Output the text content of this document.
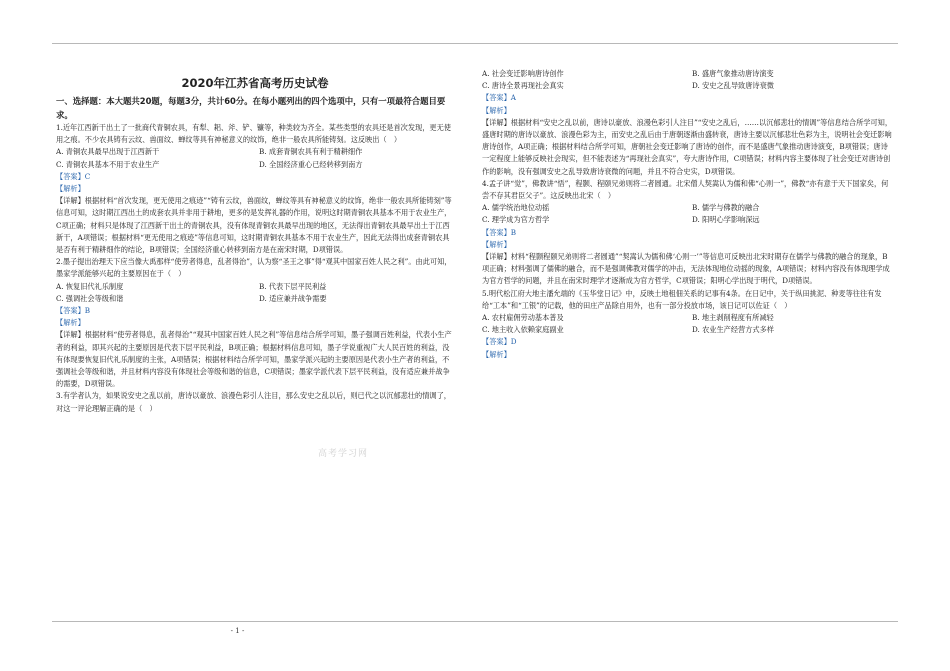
2020年江苏省高考历史试卷

一、选择题：本大题共20题，每题3分，共计60分。在每小题列出的四个选项中，只有一项最符合题目要求。

1.近年江西新干出土了一批商代青铜农具，有犁、耜、斧、铲、镰等，种类较为齐全。某些类型的农具还是首次发现，更无使用之痕。不少农具铸有云纹、兽面纹、蝉纹等具有神秘意义的纹饰，绝非一般农具所能铸刻。这反映出（　）

A. 青铜农具最早出现于江西新干	B. 成套青铜农具有利于精耕细作
C. 青铜农具基本不用于农业生产	D. 全国经济重心已经转移到南方

【答案】C

【解析】

【详解】根据材料“首次发现，更无使用之痕迹”“铸有云纹，兽面纹，蝉纹等具有神秘意义的纹饰，绝非一般农具所能铸刻”等信息可知，这时期江西出土的成套农具并非用于耕地，更多的是发挥礼器的作用，说明这时期青铜农具基本不用于农业生产，C项正确；材料只是体现了江西新干出土的青铜农具，没有体现青铜农具最早出现的地区，无法得出青铜农具最早出土于江西新干，A项错误；根据材料“更无使用之痕迹”等信息可知，这时期青铜农具基本不用于农业生产，因此无法得出成套青铜农具是否有利于精耕细作的结论，B项错误；全国经济重心转移到南方是在南宋时期，D项错误。

2.墨子提出治理天下应当像大禹那样“使劳者得息，乱者得治”，认为察“圣王之事”得“观其中国家百姓人民之利”。由此可知，墨家学派能够兴起的主要原因在于（　）

A. 恢复旧代礼乐制度	B. 代表下层平民利益
C. 强调社会等级和谐	D. 适应兼并战争需要

【答案】B

【解析】

【详解】根据材料“使劳者得息，乱者得治”“观其中国家百姓人民之利”等信息结合所学可知，墨子强调百姓利益，代表小生产者的利益，即其兴起的主要原因是代表下层平民利益，B项正确；根据材料信息可知，墨子学说重视广大人民百姓的利益，没有体现要恢复旧代礼乐制度的主张，A项错误；根据材料结合所学可知，墨家学派兴起的主要原因是代表小生产者的利益，不强调社会等级和谐，并且材料内容没有体现社会等级和谐的信息，C项错误；墨家学派代表下层平民利益，没有适应兼并战争的需要，D项错误。

3.有学者认为，如果说安史之乱以前，唐诗以豪放、浪漫色彩引人注目，那么安史之乱以后，则已代之以沉郁悲壮的情调了，对这一评论理解正确的是（　）

A. 社会变迁影响唐诗创作	B. 盛唐气象推动唐诗演变
C. 唐诗全景再现社会真实	D. 安史之乱导致唐诗衰微

【答案】A

【解析】

【详解】根据材料“安史之乱以前，唐诗以豪放、浪漫色彩引人注目”“安史之乱后，……以沉郁悲壮的情调”等信息结合所学可知，盛唐时期的唐诗以豪放、浪漫色彩为主，而安史之乱后由于唐朝逐渐由盛转衰，唐诗主要以沉郁悲壮色彩为主，说明社会变迁影响唐诗创作，A项正确；根据材料结合所学可知，唐朝社会变迁影响了唐诗的创作，而不是盛唐气象推动唐诗演变，B项错误；唐诗一定程度上能够反映社会现实，但不能表述为“再现社会真实”，夸大唐诗作用，C项错误；材料内容主要体现了社会变迁对唐诗创作的影响，没有强调安史之乱导致唐诗衰微的问题，并且不符合史实，D项错误。

4.孟子讲“觉”，佛教讲“悟”，程颢、程颐兄弟则将二者圆通。北宋僧人契嵩认为儒和佛“心则一”，佛教“亦有意于天下国家矣，何尝不存其君臣父子”。这反映出北宋（　）

A. 儒学统治地位动摇	B. 儒学与佛教的融合
C. 理学成为官方哲学	D. 阳明心学影响深远

【答案】B

【解析】

【详解】材料“程颢程颐兄弟则将二者圆通”“契嵩认为儒和佛‘心则一’”等信息可反映出北宋时期存在儒学与佛教的融合的现象，B项正确；材料强调了儒佛的融合，而不是强调佛教对儒学的冲击，无法体现地位动摇的现象，A项错误；材料内容没有体现理学成为官方哲学的问题，并且在南宋时理学才逐渐成为官方哲学，C项错误；阳明心学出现于明代，D项错误。

5.明代松江府大地主潘允端的《玉华堂日记》中，反映土地租佃关系的记事有4条。在日记中，关于纵田挑泥、种麦等往往有发给“工本”和“工银”的记载，他的田庄产品除自用外，也有一部分投放市场，该日记可以佐证（　）

A. 农村雇佣劳动基本普及	B. 地主剥削程度有所减轻
C. 地主收入依赖家庭副业	D. 农业生产经营方式多样

【答案】D

【解析】

高考学习网
- 1 -
